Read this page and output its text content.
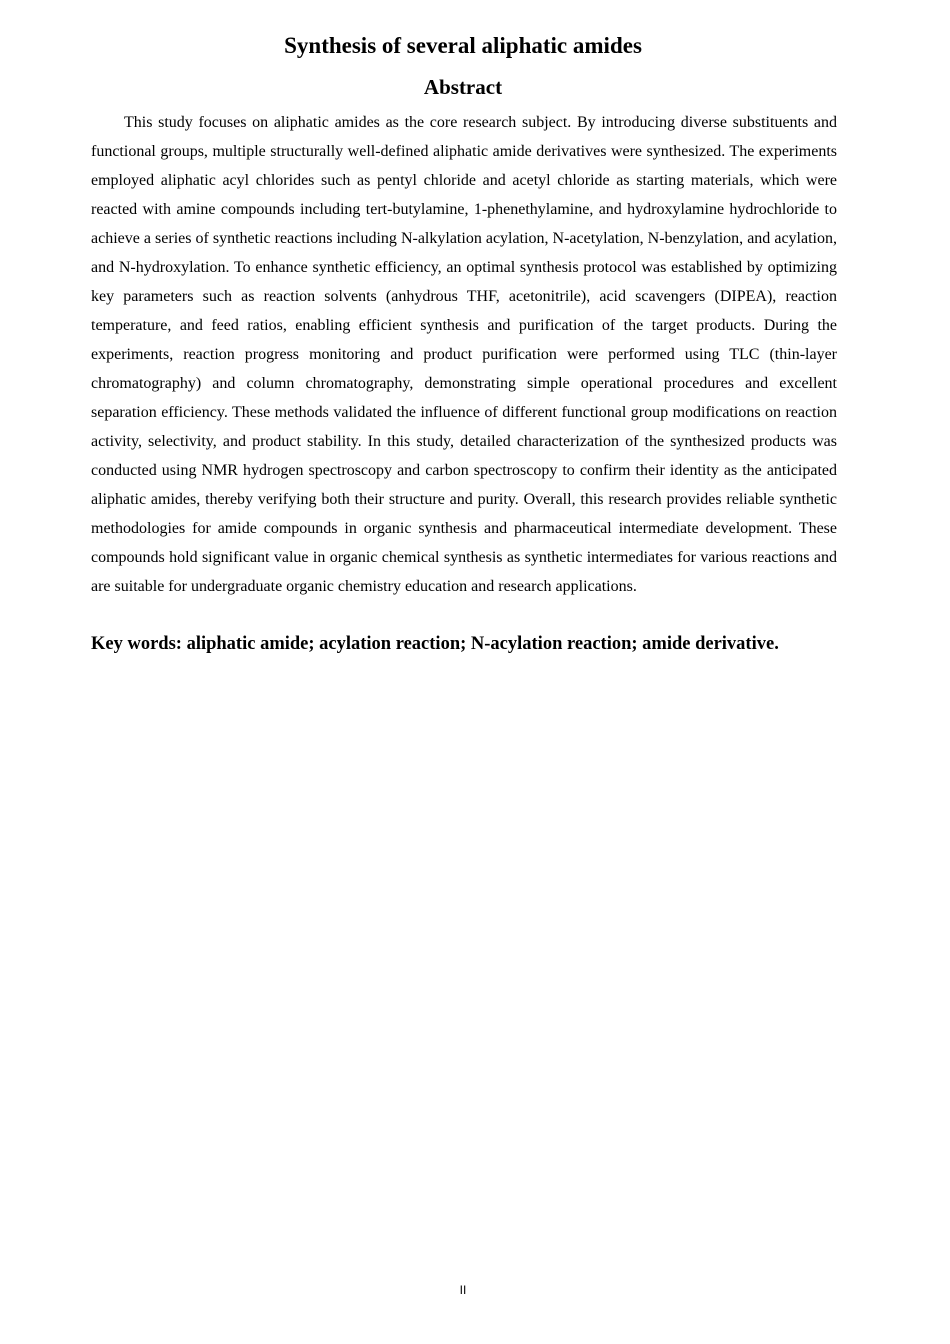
Synthesis of several aliphatic amides
Abstract

This study focuses on aliphatic amides as the core research subject. By introducing diverse substituents and functional groups, multiple structurally well-defined aliphatic amide derivatives were synthesized. The experiments employed aliphatic acyl chlorides such as pentyl chloride and acetyl chloride as starting materials, which were reacted with amine compounds including tert-butylamine, 1-phenethylamine, and hydroxylamine hydrochloride to achieve a series of synthetic reactions including N-alkylation acylation, N-acetylation, N-benzylation, and acylation, and N-hydroxylation. To enhance synthetic efficiency, an optimal synthesis protocol was established by optimizing key parameters such as reaction solvents (anhydrous THF, acetonitrile), acid scavengers (DIPEA), reaction temperature, and feed ratios, enabling efficient synthesis and purification of the target products. During the experiments, reaction progress monitoring and product purification were performed using TLC (thin-layer chromatography) and column chromatography, demonstrating simple operational procedures and excellent separation efficiency. These methods validated the influence of different functional group modifications on reaction activity, selectivity, and product stability. In this study, detailed characterization of the synthesized products was conducted using NMR hydrogen spectroscopy and carbon spectroscopy to confirm their identity as the anticipated aliphatic amides, thereby verifying both their structure and purity. Overall, this research provides reliable synthetic methodologies for amide compounds in organic synthesis and pharmaceutical intermediate development. These compounds hold significant value in organic chemical synthesis as synthetic intermediates for various reactions and are suitable for undergraduate organic chemistry education and research applications.

Key words: aliphatic amide; acylation reaction; N-acylation reaction; amide derivative.

II
